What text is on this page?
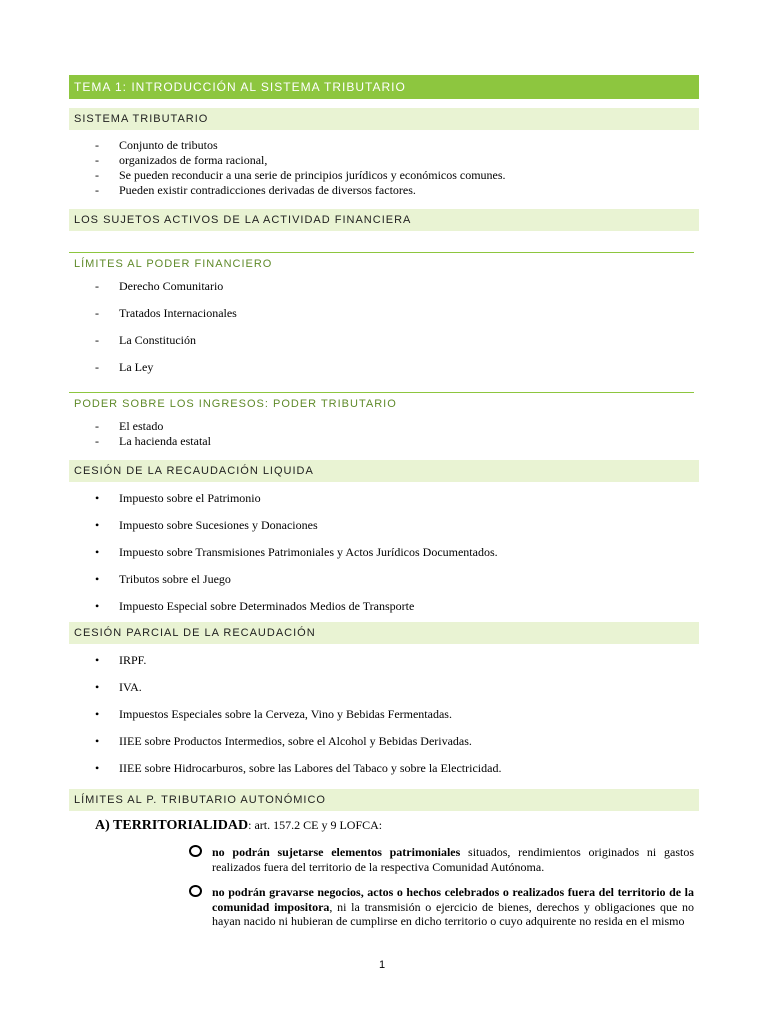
TEMA 1: INTRODUCCIÓN AL SISTEMA TRIBUTARIO
SISTEMA TRIBUTARIO
- Conjunto de tributos
- organizados de forma racional,
- Se pueden reconducir a una serie de principios jurídicos y económicos comunes.
- Pueden existir contradicciones derivadas de diversos factores.
LOS SUJETOS ACTIVOS DE LA ACTIVIDAD FINANCIERA
LÍMITES AL PODER FINANCIERO
- Derecho Comunitario
- Tratados Internacionales
- La Constitución
- La Ley
PODER SOBRE LOS INGRESOS: PODER TRIBUTARIO
- El estado
- La hacienda estatal
CESIÓN DE LA RECAUDACIÓN LIQUIDA
• Impuesto sobre el Patrimonio
• Impuesto sobre Sucesiones y Donaciones
• Impuesto sobre Transmisiones Patrimoniales y Actos Jurídicos Documentados.
• Tributos sobre el Juego
• Impuesto Especial sobre Determinados Medios de Transporte
CESIÓN PARCIAL DE LA RECAUDACIÓN
• IRPF.
• IVA.
• Impuestos Especiales sobre la Cerveza, Vino y Bebidas Fermentadas.
• IIEE sobre Productos Intermedios, sobre el Alcohol y Bebidas Derivadas.
• IIEE sobre Hidrocarburos, sobre las Labores del Tabaco y sobre la Electricidad.
LÍMITES AL P. TRIBUTARIO AUTONÓMICO
A) TERRITORIALIDAD: art. 157.2 CE y 9 LOFCA:
no podrán sujetarse elementos patrimoniales situados, rendimientos originados ni gastos realizados fuera del territorio de la respectiva Comunidad Autónoma.
no podrán gravarse negocios, actos o hechos celebrados o realizados fuera del territorio de la comunidad impositora, ni la transmisión o ejercicio de bienes, derechos y obligaciones que no hayan nacido ni hubieran de cumplirse en dicho territorio o cuyo adquirente no resida en el mismo
1
